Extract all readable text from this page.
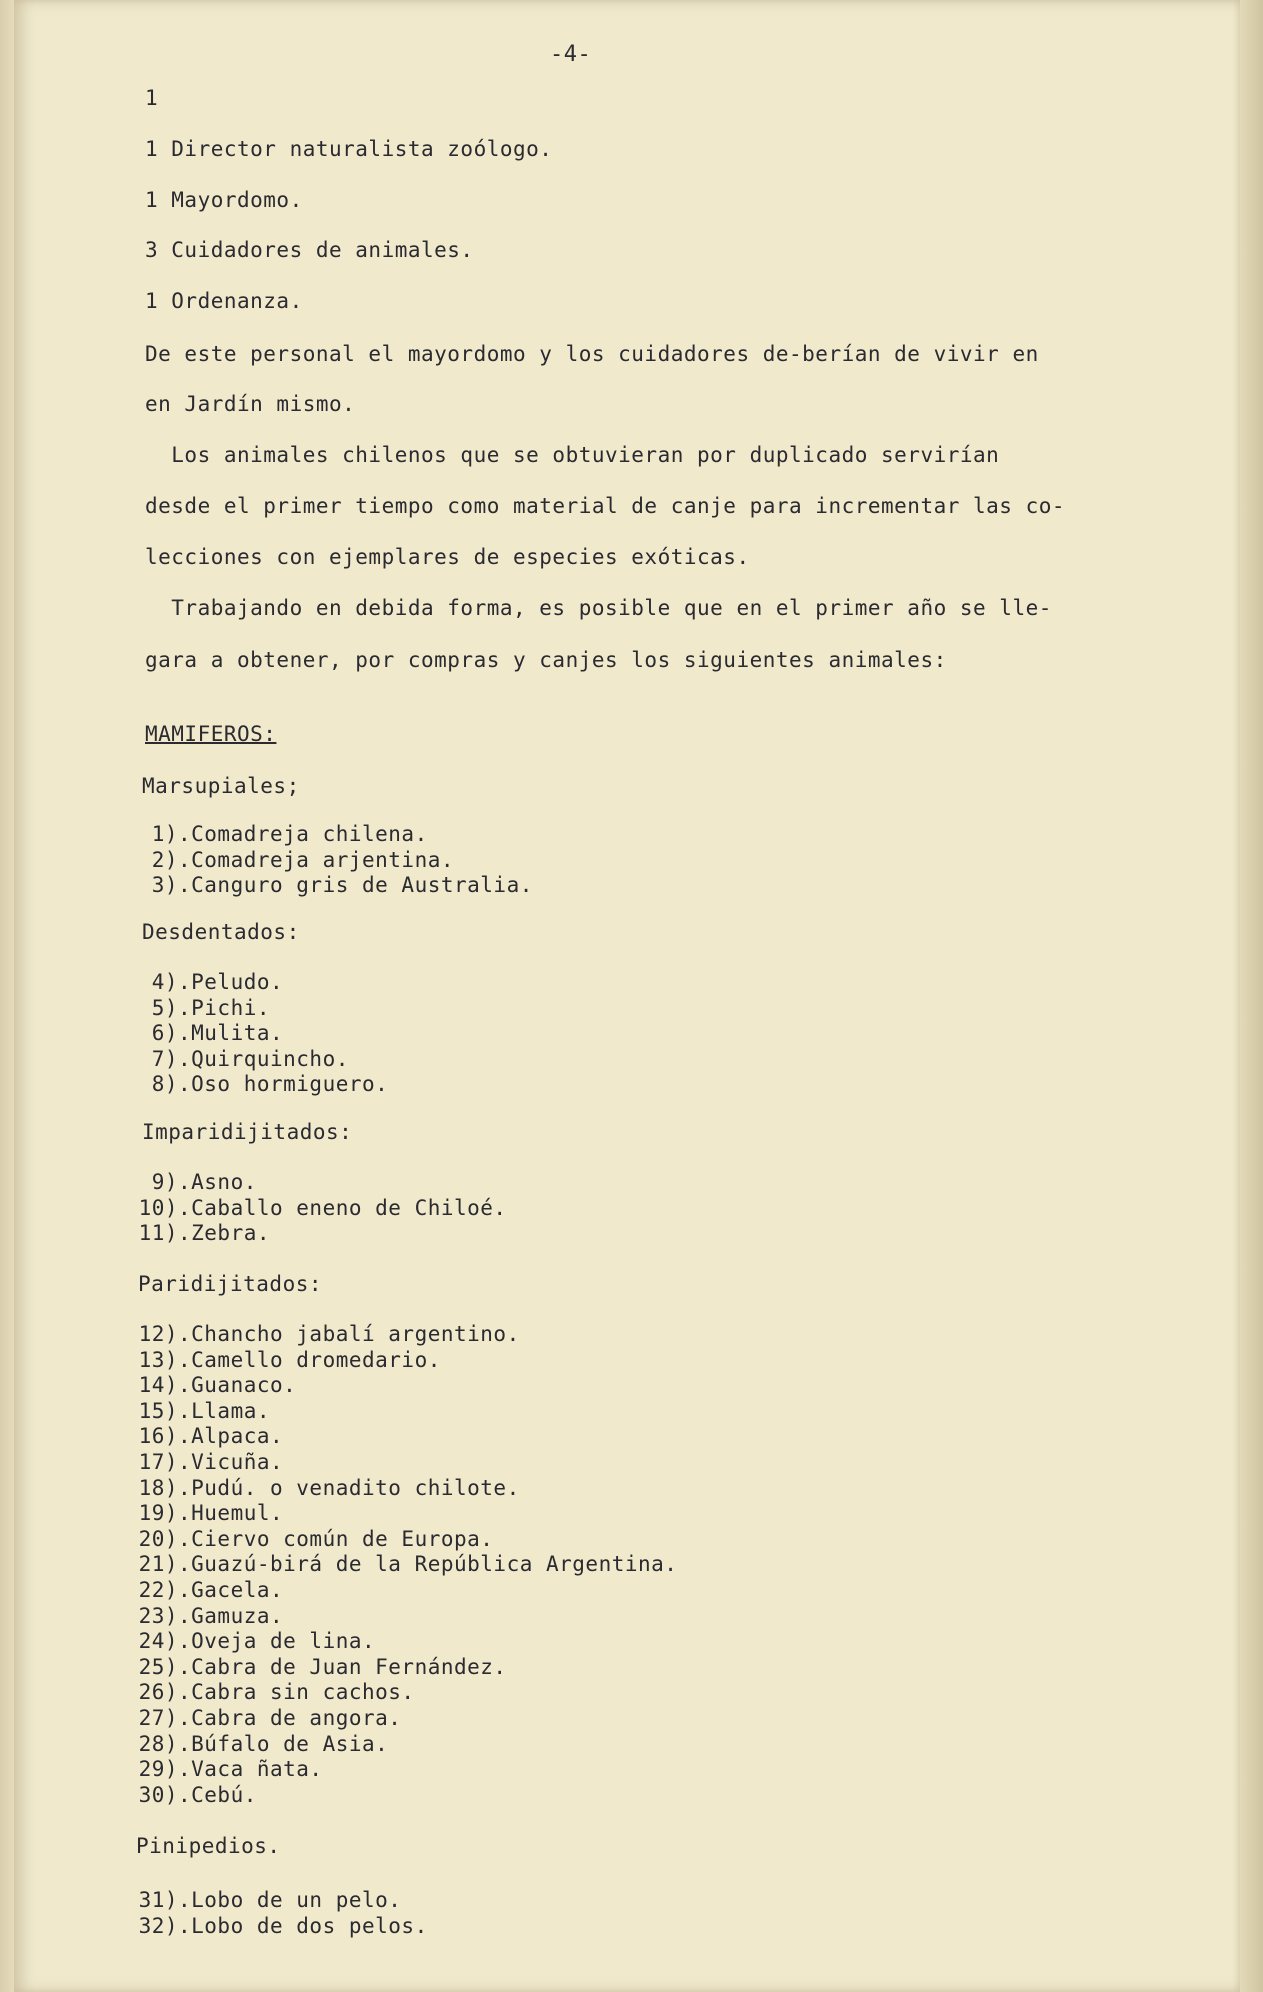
-4-
1
1 Director naturalista zoólogo.
1 Mayordomo.
3 Cuidadores de animales.
1 Ordenanza.
De este personal el mayordomo y los cuidadores de-berían de vivir en
en Jardín mismo.
Los animales chilenos que se obtuvieran por duplicado servirían
desde el primer tiempo como material de canje para incrementar las co-
lecciones con ejemplares de especies exóticas.
Trabajando en debida forma, es posible que en el primer año se lle-
gara a obtener, por compras y canjes los siguientes animales:
MAMIFEROS:
Marsupiales;
1).Comadreja chilena.
2).Comadreja arjentina.
3).Canguro gris de Australia.
Desdentados:
4).Peludo.
5).Pichi.
6).Mulita.
7).Quirquincho.
8).Oso hormiguero.
Imparidijitados:
9).Asno.
10).Caballo eneno de Chiloé.
11).Zebra.
Paridijitados:
12).Chancho jabalí argentino.
13).Camello dromedario.
14).Guanaco.
15).Llama.
16).Alpaca.
17).Vicuña.
18).Pudú. o venadito chilote.
19).Huemul.
20).Ciervo común de Europa.
21).Guazú-birá de la República Argentina.
22).Gacela.
23).Gamuza.
24).Oveja de lina.
25).Cabra de Juan Fernández.
26).Cabra sin cachos.
27).Cabra de angora.
28).Búfalo de Asia.
29).Vaca ñata.
30).Cebú.
Pinipedios.
31).Lobo de un pelo.
32).Lobo de dos pelos.
